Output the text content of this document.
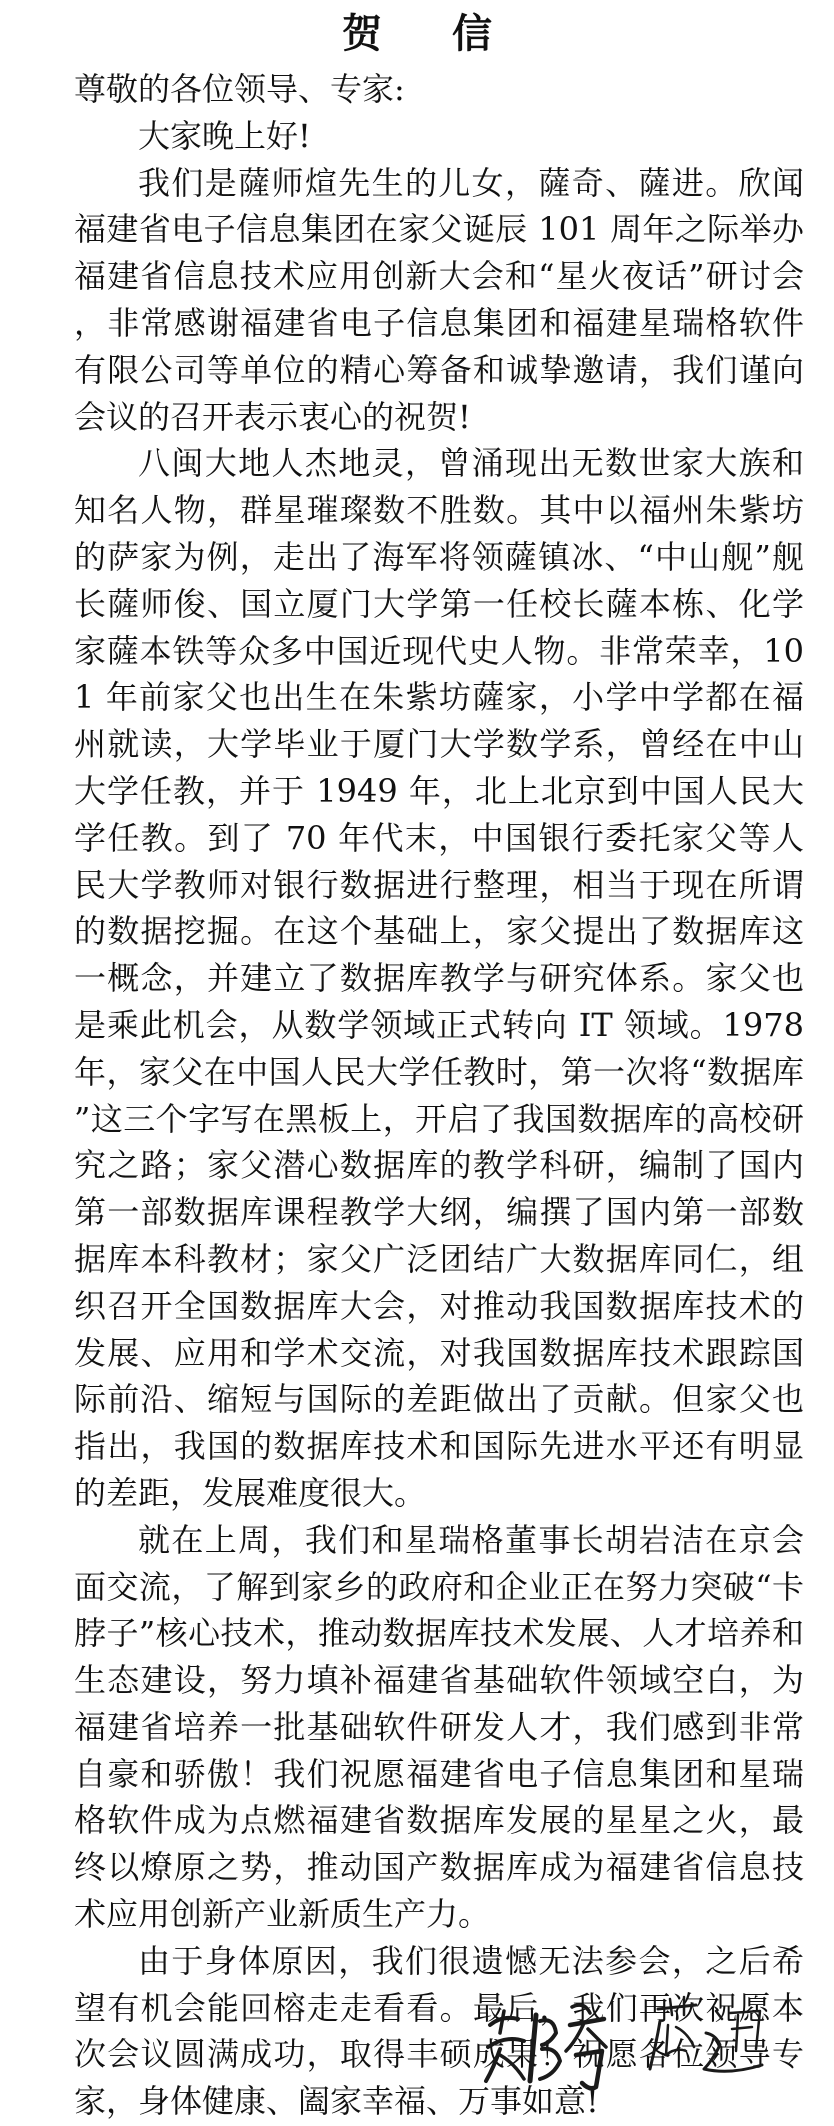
贺 信

尊敬的各位领导、专家:

大家晚上好!

我们是薩师煊先生的儿女，薩奇、薩进。欣闻福建省电子信息集团在家父诞辰 101 周年之际举办福建省信息技术应用创新大会和“星火夜话”研讨会，非常感谢福建省电子信息集团和福建星瑞格软件有限公司等单位的精心筹备和诚挚邀请，我们谨向会议的召开表示衷心的祝贺!

八闽大地人杰地灵，曾涌现出无数世家大族和知名人物，群星璀璨数不胜数。其中以福州朱紫坊的萨家为例，走出了海军将领薩镇冰、“中山舰”舰长薩师俊、国立厦门大学第一任校长薩本栋、化学家薩本铁等众多中国近现代史人物。非常荣幸，101 年前家父也出生在朱紫坊薩家，小学中学都在福州就读，大学毕业于厦门大学数学系，曾经在中山大学任教，并于 1949 年，北上北京到中国人民大学任教。到了 70 年代末，中国银行委托家父等人民大学教师对银行数据进行整理，相当于现在所谓的数据挖掘。在这个基础上，家父提出了数据库这一概念，并建立了数据库教学与研究体系。家父也是乘此机会，从数学领域正式转向 IT 领域。1978 年，家父在中国人民大学任教时，第一次将“数据库”这三个字写在黑板上，开启了我国数据库的高校研究之路；家父潜心数据库的教学科研，编制了国内第一部数据库课程教学大纲，编撰了国内第一部数据库本科教材；家父广泛团结广大数据库同仁，组织召开全国数据库大会，对推动我国数据库技术的发展、应用和学术交流，对我国数据库技术跟踪国际前沿、缩短与国际的差距做出了贡献。但家父也指出，我国的数据库技术和国际先进水平还有明显的差距，发展难度很大。

就在上周，我们和星瑞格董事长胡岩洁在京会面交流，了解到家乡的政府和企业正在努力突破“卡脖子”核心技术，推动数据库技术发展、人才培养和生态建设，努力填补福建省基础软件领域空白，为福建省培养一批基础软件研发人才，我们感到非常自豪和骄傲！我们祝愿福建省电子信息集团和星瑞格软件成为点燃福建省数据库发展的星星之火，最终以燎原之势，推动国产数据库成为福建省信息技术应用创新产业新质生产力。

由于身体原因，我们很遗憾无法参会，之后希望有机会能回榕走走看看。最后，我们再次祝愿本次会议圆满成功，取得丰硕成果！祝愿各位领导专家，身体健康、阖家幸福、万事如意!
